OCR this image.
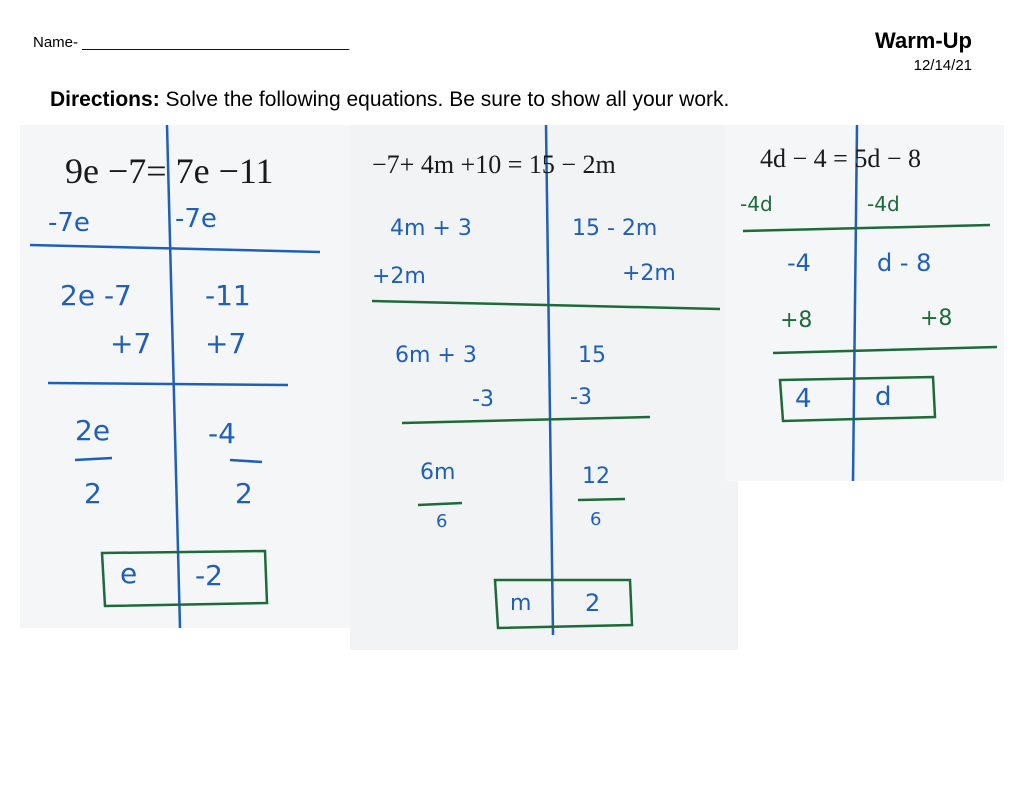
Name- ________________________________	Warm-Up
12/14/21
Directions: Solve the following equations. Be sure to show all your work.
9e −7= 7e −11
-7e	-7e
2e -7	-11
+7 +7
2e	-4
2	2
e -2
−7+ 4m +10 = 15 − 2m
4m + 3	15 - 2m
+2m	+2m
6m + 3	15
-3	-3
6m	12
6	6
m 2
4d − 4 = 5d − 8
-4d	-4d
-4	d - 8
+8	+8
4 d
